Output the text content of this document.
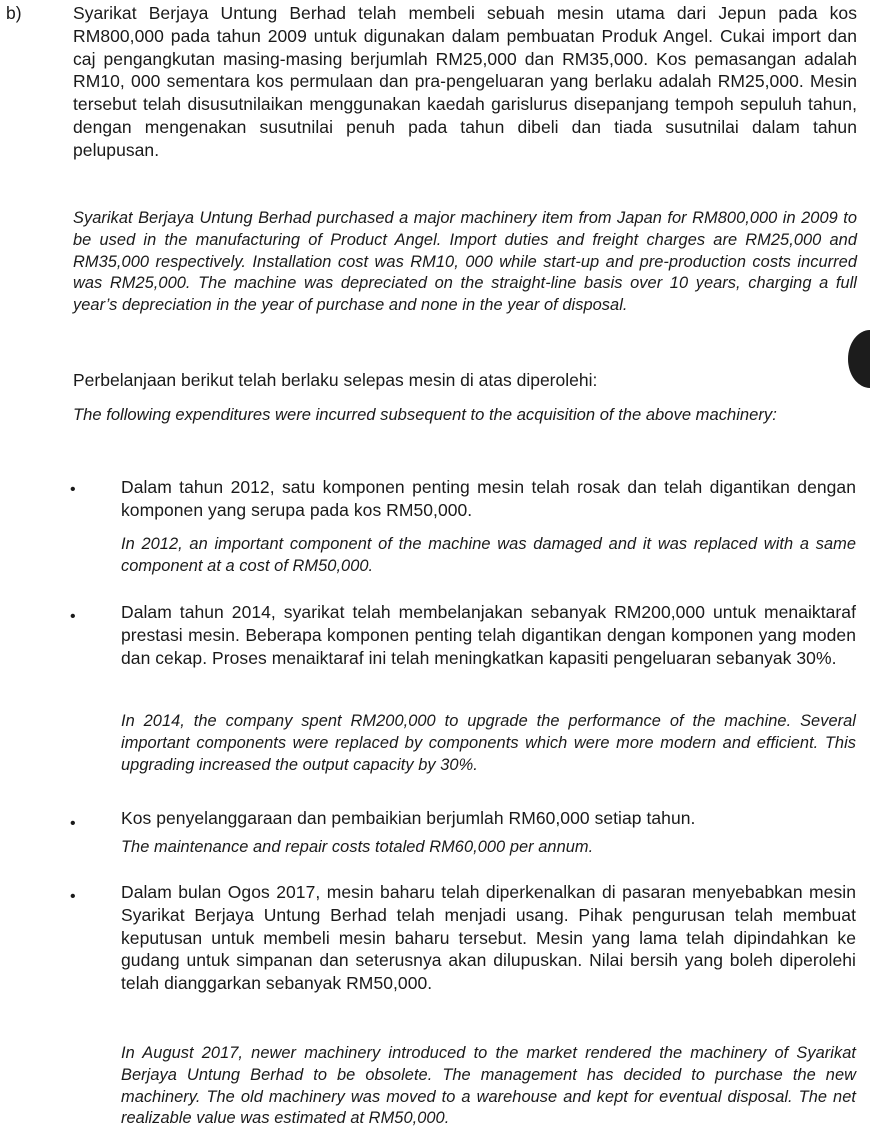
b)	Syarikat Berjaya Untung Berhad telah membeli sebuah mesin utama dari Jepun pada kos RM800,000 pada tahun 2009 untuk digunakan dalam pembuatan Produk Angel. Cukai import dan caj pengangkutan masing-masing berjumlah RM25,000 dan RM35,000. Kos pemasangan adalah RM10, 000 sementara kos permulaan dan pra-pengeluaran yang berlaku adalah RM25,000. Mesin tersebut telah disusutnilaikan menggunakan kaedah garislurus disepanjang tempoh sepuluh tahun, dengan mengenakan susutnilai penuh pada tahun dibeli dan tiada susutnilai dalam tahun pelupusan.

Syarikat Berjaya Untung Berhad purchased a major machinery item from Japan for RM800,000 in 2009 to be used in the manufacturing of Product Angel. Import duties and freight charges are RM25,000 and RM35,000 respectively. Installation cost was RM10, 000 while start-up and pre-production costs incurred was RM25,000. The machine was depreciated on the straight-line basis over 10 years, charging a full year’s depreciation in the year of purchase and none in the year of disposal.

Perbelanjaan berikut telah berlaku selepas mesin di atas diperolehi:

The following expenditures were incurred subsequent to the acquisition of the above machinery:

•	Dalam tahun 2012, satu komponen penting mesin telah rosak dan telah digantikan dengan komponen yang serupa pada kos RM50,000.

In 2012, an important component of the machine was damaged and it was replaced with a same component at a cost of RM50,000.

•	Dalam tahun 2014, syarikat telah membelanjakan sebanyak RM200,000 untuk menaiktaraf prestasi mesin. Beberapa komponen penting telah digantikan dengan komponen yang moden dan cekap. Proses menaiktaraf ini telah meningkatkan kapasiti pengeluaran sebanyak 30%.

In 2014, the company spent RM200,000 to upgrade the performance of the machine. Several important components were replaced by components which were more modern and efficient. This upgrading increased the output capacity by 30%.

•	Kos penyelanggaraan dan pembaikian berjumlah RM60,000 setiap tahun.

The maintenance and repair costs totaled RM60,000 per annum.

•	Dalam bulan Ogos 2017, mesin baharu telah diperkenalkan di pasaran menyebabkan mesin Syarikat Berjaya Untung Berhad telah menjadi usang. Pihak pengurusan telah membuat keputusan untuk membeli mesin baharu tersebut. Mesin yang lama telah dipindahkan ke gudang untuk simpanan dan seterusnya akan dilupuskan. Nilai bersih yang boleh diperolehi telah dianggarkan sebanyak RM50,000.

In August 2017, newer machinery introduced to the market rendered the machinery of Syarikat Berjaya Untung Berhad to be obsolete. The management has decided to purchase the new machinery. The old machinery was moved to a warehouse and kept for eventual disposal. The net realizable value was estimated at RM50,000.
